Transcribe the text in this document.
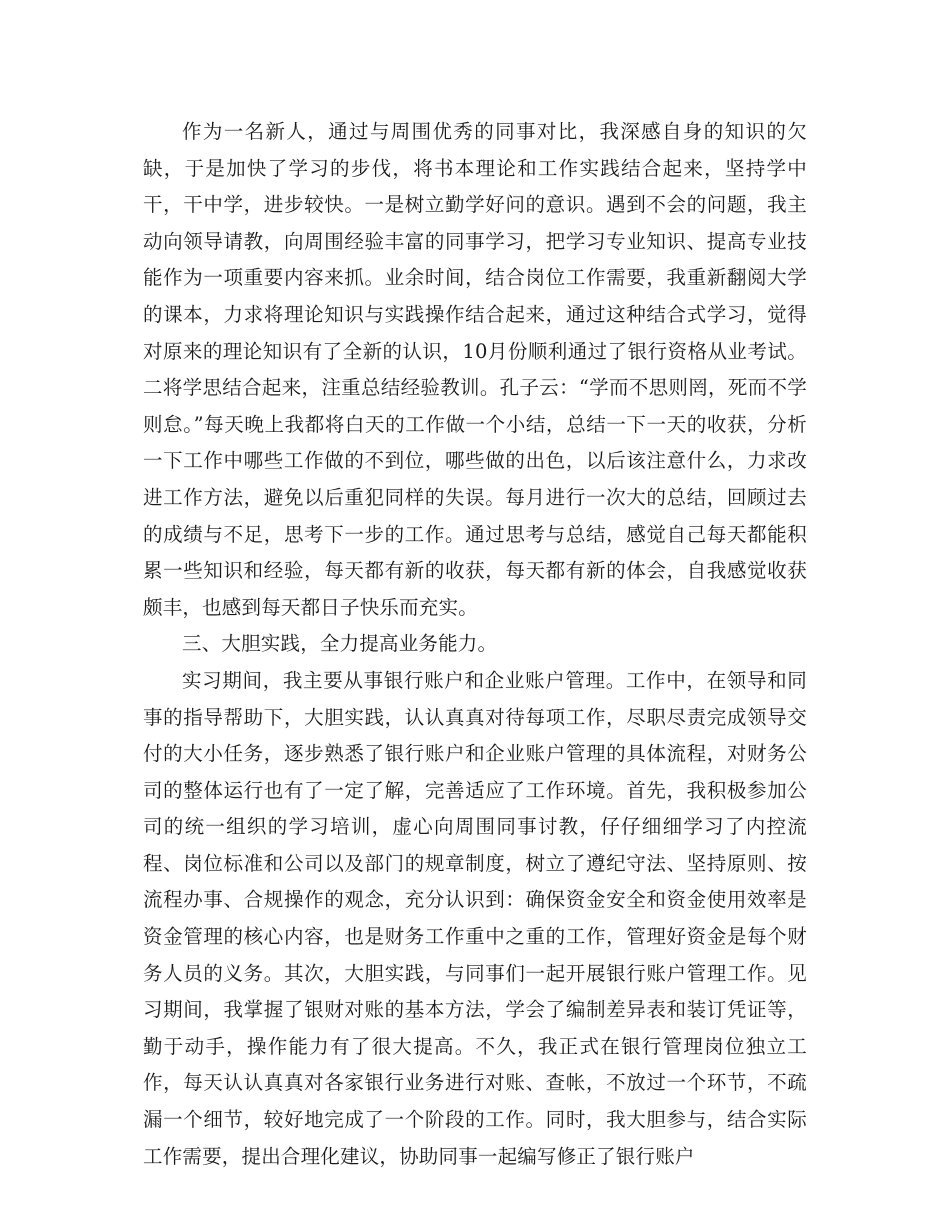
作为一名新人，通过与周围优秀的同事对比，我深感自身的知识的欠缺，于是加快了学习的步伐，将书本理论和工作实践结合起来，坚持学中干，干中学，进步较快。一是树立勤学好问的意识。遇到不会的问题，我主动向领导请教，向周围经验丰富的同事学习，把学习专业知识、提高专业技能作为一项重要内容来抓。业余时间，结合岗位工作需要，我重新翻阅大学的课本，力求将理论知识与实践操作结合起来，通过这种结合式学习，觉得对原来的理论知识有了全新的认识，10月份顺利通过了银行资格从业考试。二将学思结合起来，注重总结经验教训。孔子云：“学而不思则罔，死而不学则怠。”每天晚上我都将白天的工作做一个小结，总结一下一天的收获，分析一下工作中哪些工作做的不到位，哪些做的出色，以后该注意什么，力求改进工作方法，避免以后重犯同样的失误。每月进行一次大的总结，回顾过去的成绩与不足，思考下一步的工作。通过思考与总结，感觉自己每天都能积累一些知识和经验，每天都有新的收获，每天都有新的体会，自我感觉收获颇丰，也感到每天都日子快乐而充实。

三、大胆实践，全力提高业务能力。

实习期间，我主要从事银行账户和企业账户管理。工作中，在领导和同事的指导帮助下，大胆实践，认认真真对待每项工作，尽职尽责完成领导交付的大小任务，逐步熟悉了银行账户和企业账户管理的具体流程，对财务公司的整体运行也有了一定了解，完善适应了工作环境。首先，我积极参加公司的统一组织的学习培训，虚心向周围同事讨教，仔仔细细学习了内控流程、岗位标准和公司以及部门的规章制度，树立了遵纪守法、坚持原则、按流程办事、合规操作的观念，充分认识到：确保资金安全和资金使用效率是资金管理的核心内容，也是财务工作重中之重的工作，管理好资金是每个财务人员的义务。其次，大胆实践，与同事们一起开展银行账户管理工作。见习期间，我掌握了银财对账的基本方法，学会了编制差异表和装订凭证等，勤于动手，操作能力有了很大提高。不久，我正式在银行管理岗位独立工作，每天认认真真对各家银行业务进行对账、查帐，不放过一个环节，不疏漏一个细节，较好地完成了一个阶段的工作。同时，我大胆参与，结合实际工作需要，提出合理化建议，协助同事一起编写修正了银行账户
